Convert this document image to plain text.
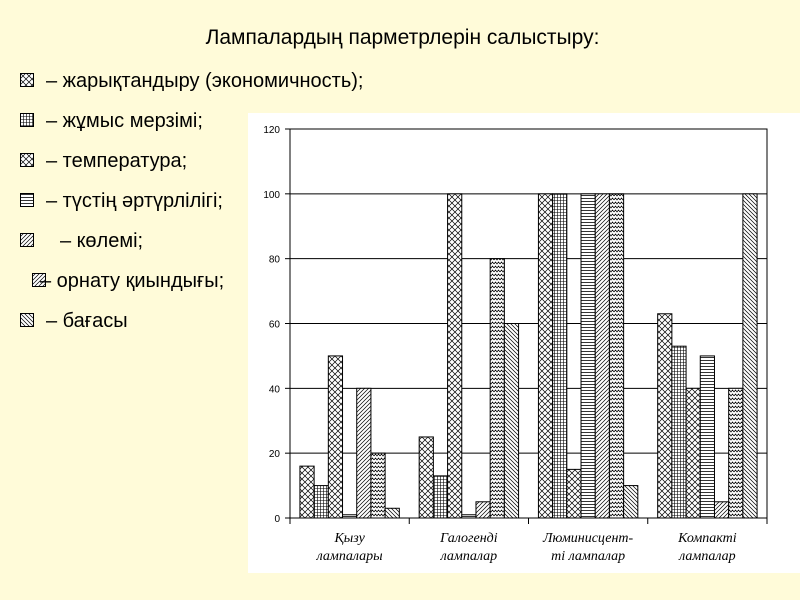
Лампалардың парметрлерін салыстыру:
– жарықтандыру (экономичность);
– жұмыс мерзімі;
– температура;
– түстің әртүрлілігі;
– көлемі;
– орнату қиындығы;
– бағасы
0
20
40
60
80
100
120
Қызу лампалары
Галогенді лампалар
Люминисцент-ті лампалар
Компакті лампалар
